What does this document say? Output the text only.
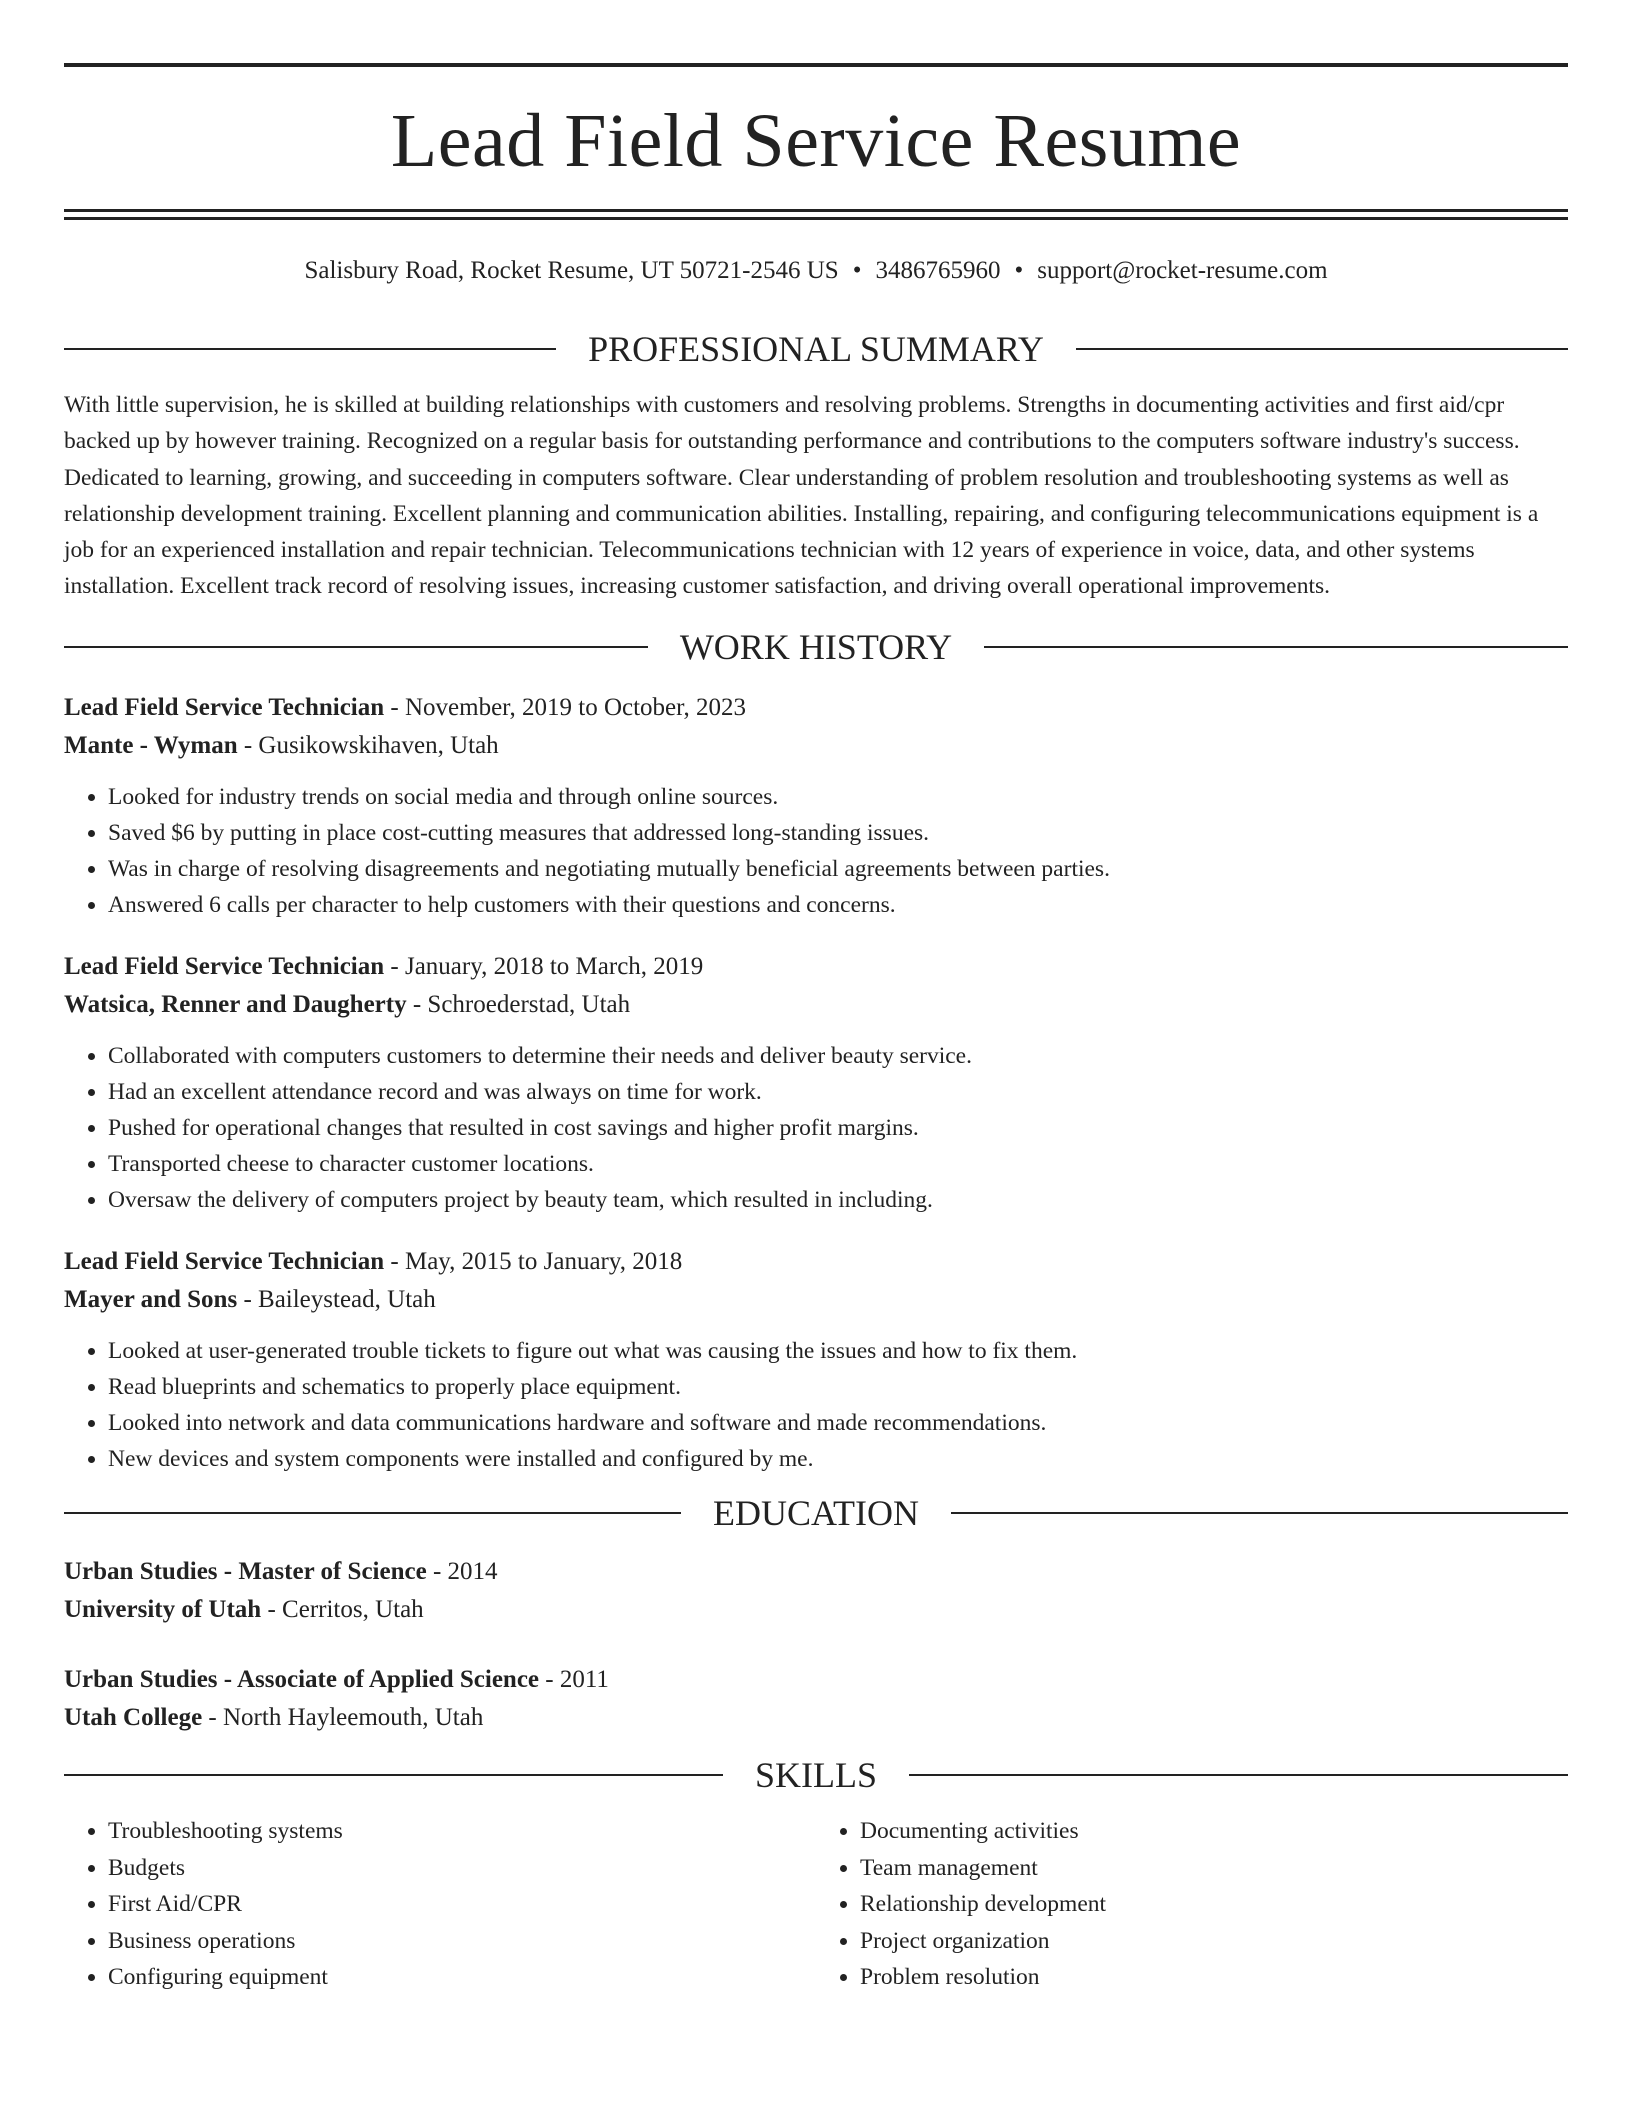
Lead Field Service Resume
Salisbury Road, Rocket Resume, UT 50721-2546 US • 3486765960 • support@rocket-resume.com
PROFESSIONAL SUMMARY
With little supervision, he is skilled at building relationships with customers and resolving problems. Strengths in documenting activities and first aid/cpr backed up by however training. Recognized on a regular basis for outstanding performance and contributions to the computers software industry's success. Dedicated to learning, growing, and succeeding in computers software. Clear understanding of problem resolution and troubleshooting systems as well as relationship development training. Excellent planning and communication abilities. Installing, repairing, and configuring telecommunications equipment is a job for an experienced installation and repair technician. Telecommunications technician with 12 years of experience in voice, data, and other systems installation. Excellent track record of resolving issues, increasing customer satisfaction, and driving overall operational improvements.
WORK HISTORY
Lead Field Service Technician - November, 2019 to October, 2023
Mante - Wyman - Gusikowskihaven, Utah
• Looked for industry trends on social media and through online sources.
• Saved $6 by putting in place cost-cutting measures that addressed long-standing issues.
• Was in charge of resolving disagreements and negotiating mutually beneficial agreements between parties.
• Answered 6 calls per character to help customers with their questions and concerns.
Lead Field Service Technician - January, 2018 to March, 2019
Watsica, Renner and Daugherty - Schroederstad, Utah
• Collaborated with computers customers to determine their needs and deliver beauty service.
• Had an excellent attendance record and was always on time for work.
• Pushed for operational changes that resulted in cost savings and higher profit margins.
• Transported cheese to character customer locations.
• Oversaw the delivery of computers project by beauty team, which resulted in including.
Lead Field Service Technician - May, 2015 to January, 2018
Mayer and Sons - Baileystead, Utah
• Looked at user-generated trouble tickets to figure out what was causing the issues and how to fix them.
• Read blueprints and schematics to properly place equipment.
• Looked into network and data communications hardware and software and made recommendations.
• New devices and system components were installed and configured by me.
EDUCATION
Urban Studies - Master of Science - 2014
University of Utah - Cerritos, Utah
Urban Studies - Associate of Applied Science - 2011
Utah College - North Hayleemouth, Utah
SKILLS
• Troubleshooting systems
• Budgets
• First Aid/CPR
• Business operations
• Configuring equipment
• Documenting activities
• Team management
• Relationship development
• Project organization
• Problem resolution
